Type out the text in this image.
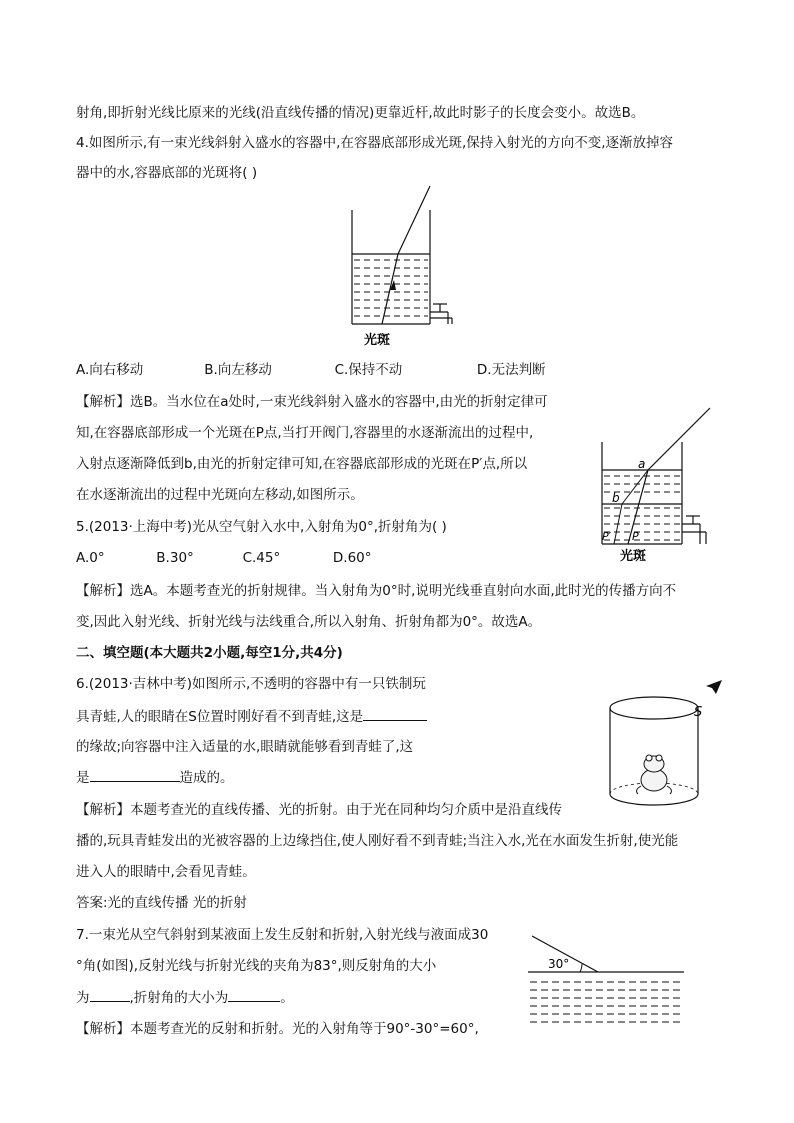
射角,即折射光线比原来的光线(沿直线传播的情况)更靠近杆,故此时影子的长度会变小。故选B。
4.如图所示,有一束光线斜射入盛水的容器中,在容器底部形成光斑,保持入射光的方向不变,逐渐放掉容
器中的水,容器底部的光斑将( )
光斑
A.向右移动	B.向左移动	C.保持不动	D.无法判断
【解析】选B。当水位在a处时,一束光线斜射入盛水的容器中,由光的折射定律可
知,在容器底部形成一个光斑在P点,当打开阀门,容器里的水逐渐流出的过程中,
入射点逐渐降低到b,由光的折射定律可知,在容器底部形成的光斑在P′点,所以
在水逐渐流出的过程中光斑向左移动,如图所示。
a
b
P′ P
光斑
5.(2013·上海中考)光从空气射入水中,入射角为0°,折射角为( )
A.0°	B.30°	C.45°	D.60°
【解析】选A。本题考查光的折射规律。当入射角为0°时,说明光线垂直射向水面,此时光的传播方向不
变,因此入射光线、折射光线与法线重合,所以入射角、折射角都为0°。故选A。
二、填空题(本大题共2小题,每空1分,共4分)
6.(2013·吉林中考)如图所示,不透明的容器中有一只铁制玩
具青蛙,人的眼睛在S位置时刚好看不到青蛙,这是
的缘故;向容器中注入适量的水,眼睛就能够看到青蛙了,这
是	造成的。
S
【解析】本题考查光的直线传播、光的折射。由于光在同种均匀介质中是沿直线传
播的,玩具青蛙发出的光被容器的上边缘挡住,使人刚好看不到青蛙;当注入水,光在水面发生折射,使光能
进入人的眼睛中,会看见青蛙。
答案:光的直线传播 光的折射
7.一束光从空气斜射到某液面上发生反射和折射,入射光线与液面成30
°角(如图),反射光线与折射光线的夹角为83°,则反射角的大小
为	,折射角的大小为	。
【解析】本题考查光的反射和折射。光的入射角等于90°-30°=60°,
30°
